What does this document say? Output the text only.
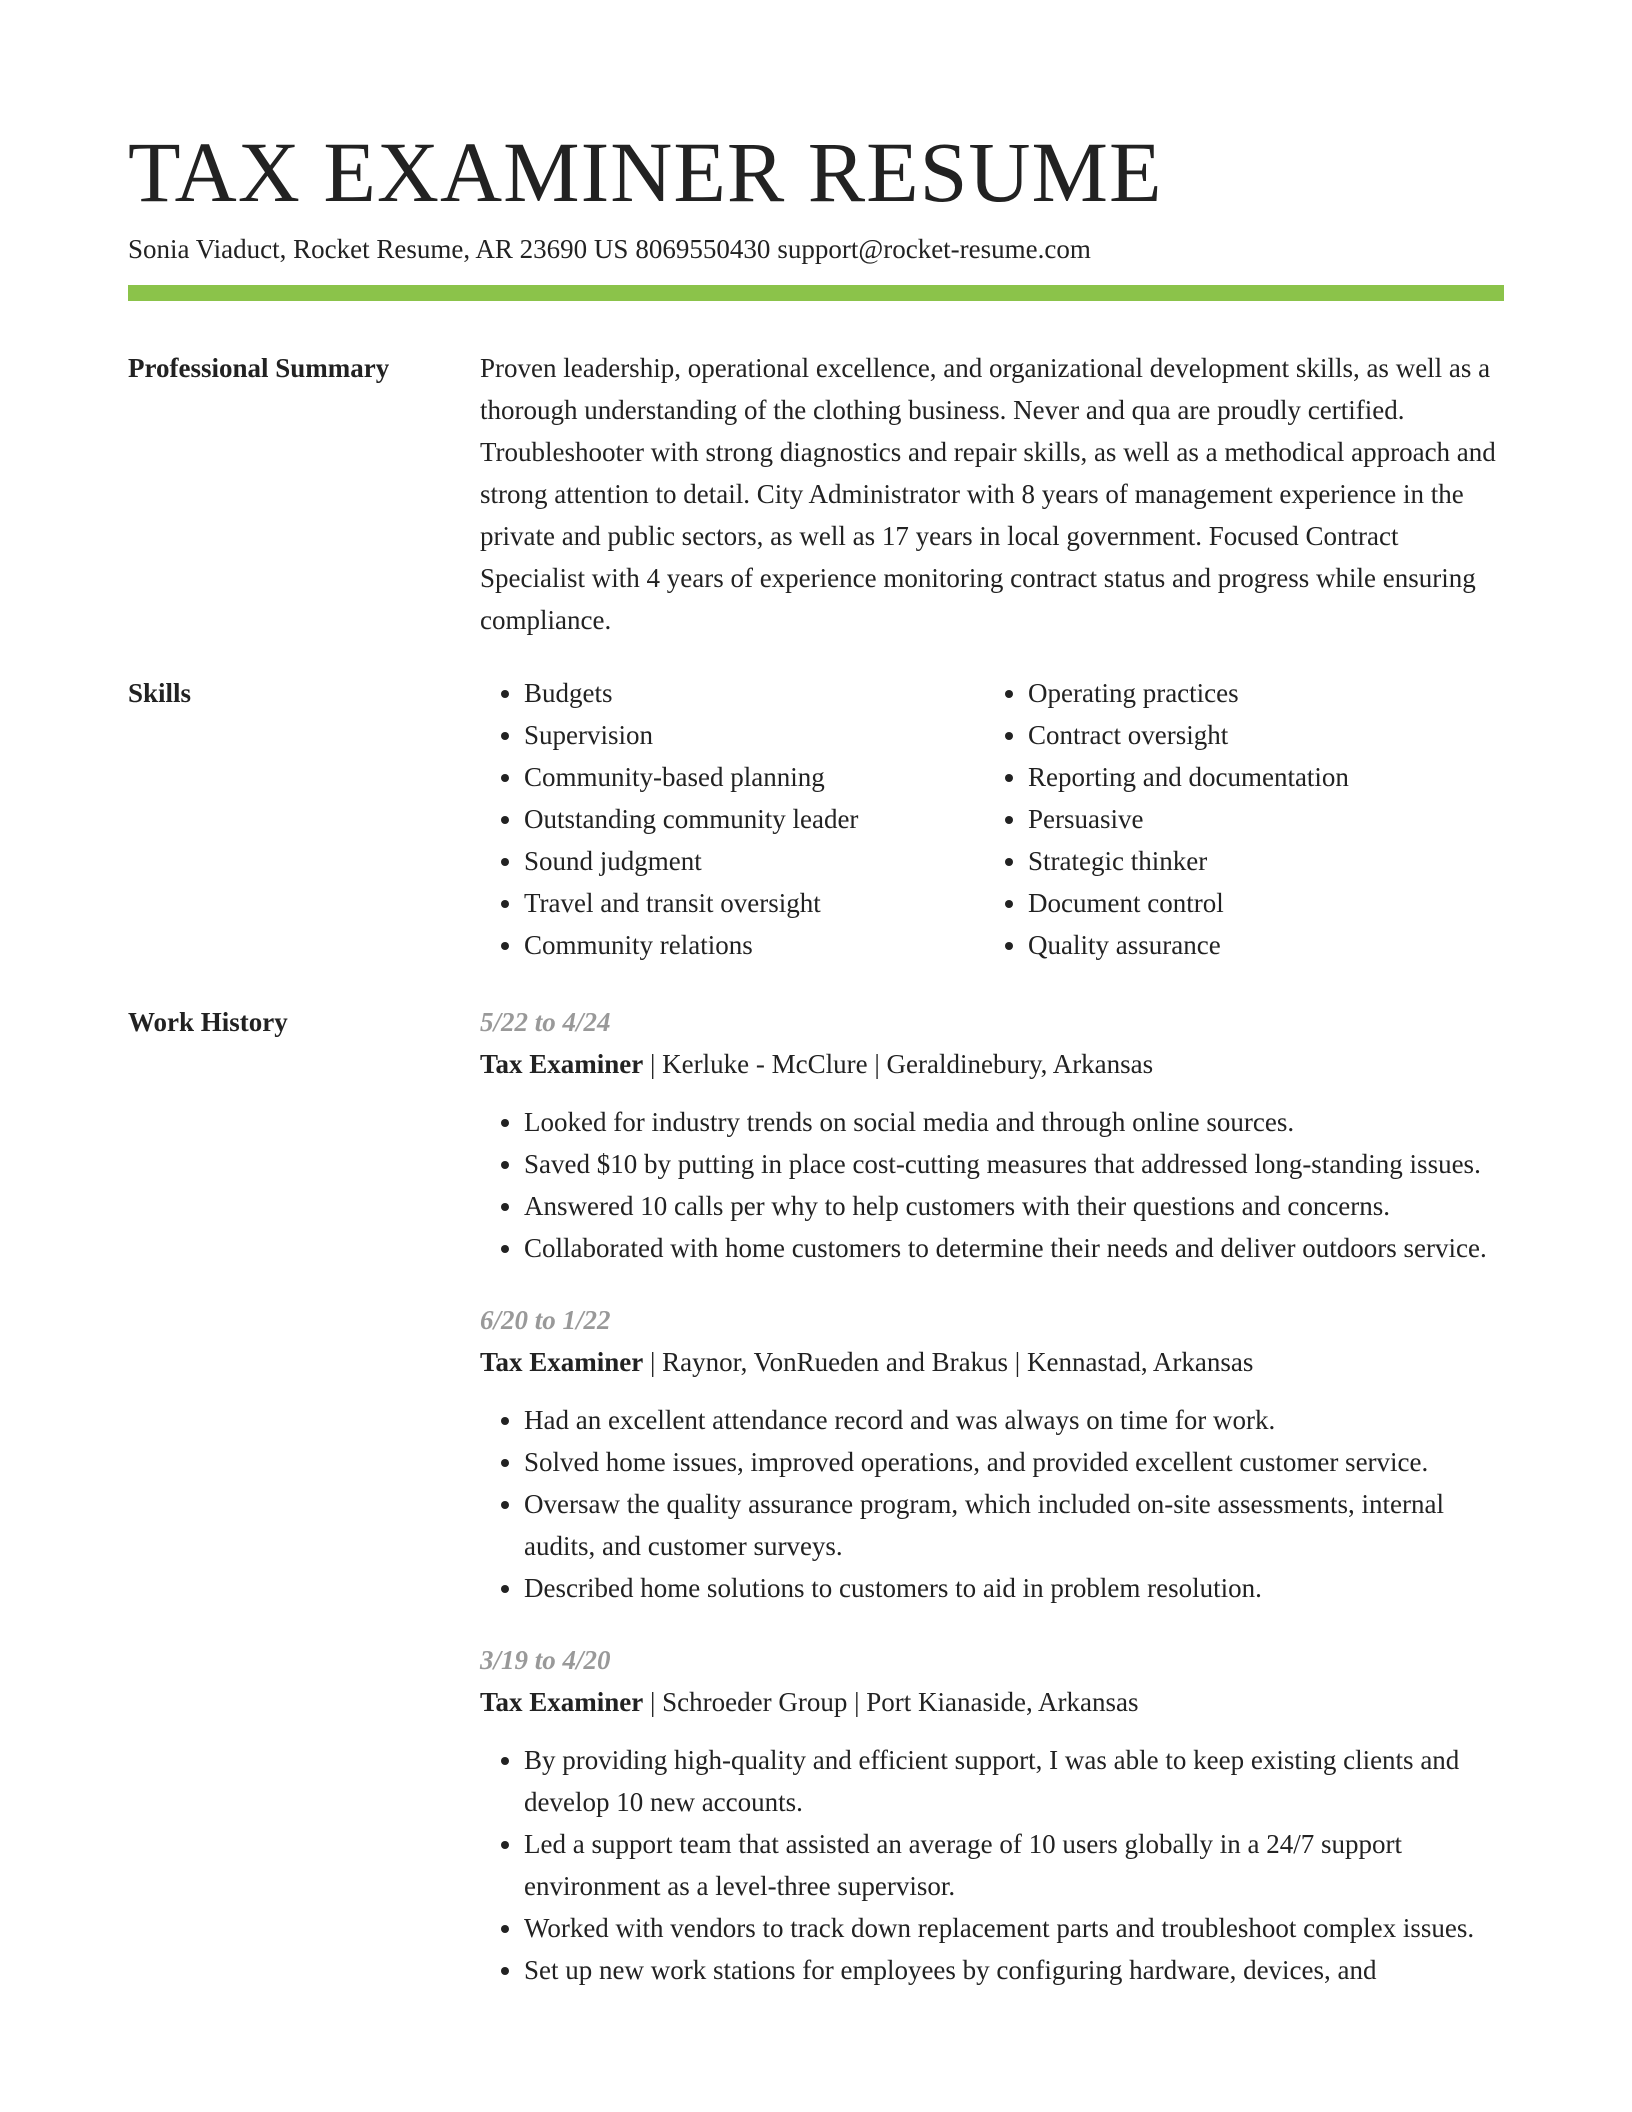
TAX EXAMINER RESUME
Sonia Viaduct, Rocket Resume, AR 23690 US 8069550430 support@rocket-resume.com
Professional Summary	Proven leadership, operational excellence, and organizational development skills, as well as a thorough understanding of the clothing business. Never and qua are proudly certified. Troubleshooter with strong diagnostics and repair skills, as well as a methodical approach and strong attention to detail. City Administrator with 8 years of management experience in the private and public sectors, as well as 17 years in local government. Focused Contract Specialist with 4 years of experience monitoring contract status and progress while ensuring compliance.

Skills
•	Budgets
• Supervision
• Community-based planning
• Outstanding community leader
• Sound judgment
• Travel and transit oversight
• Community relations
• Operating practices
• Contract oversight
• Reporting and documentation
• Persuasive
• Strategic thinker
• Document control
• Quality assurance
Work History	5/22 to 4/24
Tax Examiner | Kerluke - McClure | Geraldinebury, Arkansas
• Looked for industry trends on social media and through online sources.
• Saved $10 by putting in place cost-cutting measures that addressed long-standing issues.
• Answered 10 calls per why to help customers with their questions and concerns.
• Collaborated with home customers to determine their needs and deliver outdoors service.
6/20 to 1/22
Tax Examiner | Raynor, VonRueden and Brakus | Kennastad, Arkansas
• Had an excellent attendance record and was always on time for work.
• Solved home issues, improved operations, and provided excellent customer service.
• Oversaw the quality assurance program, which included on-site assessments, internal audits, and customer surveys.
• Described home solutions to customers to aid in problem resolution.
3/19 to 4/20
Tax Examiner | Schroeder Group | Port Kianaside, Arkansas
• By providing high-quality and efficient support, I was able to keep existing clients and develop 10 new accounts.
• Led a support team that assisted an average of 10 users globally in a 24/7 support environment as a level-three supervisor.
• Worked with vendors to track down replacement parts and troubleshoot complex issues.
• Set up new work stations for employees by configuring hardware, devices, and
